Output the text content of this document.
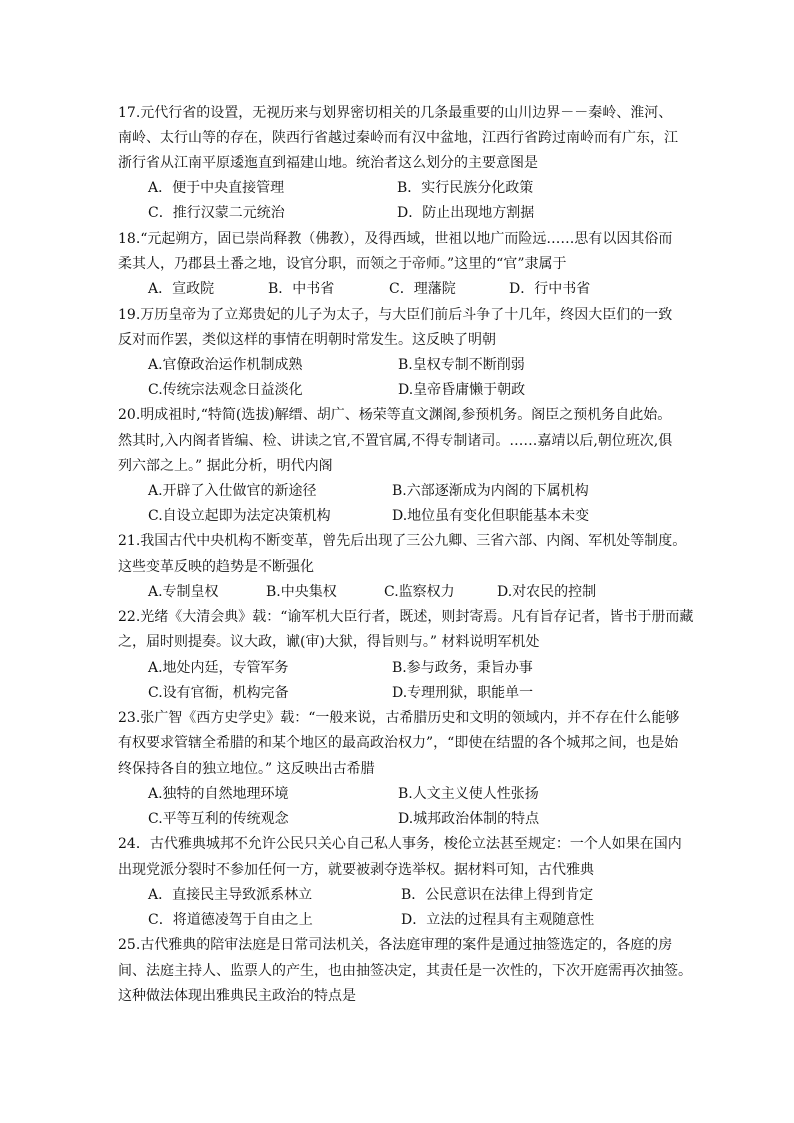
17.元代行省的设置，无视历来与划界密切相关的几条最重要的山川边界－－秦岭、淮河、
南岭、太行山等的存在，陕西行省越过秦岭而有汉中盆地，江西行省跨过南岭而有广东，江
浙行省从江南平原逶迤直到福建山地。统治者这么划分的主要意图是
A．便于中央直接管理	B．实行民族分化政策
C．推行汉蒙二元统治	D．防止出现地方割据
18.“元起朔方，固已崇尚释教（佛教），及得西域，世祖以地广而险远……思有以因其俗而
柔其人，乃郡县土番之地，设官分职，而领之于帝师。”这里的“官”隶属于
A．宣政院	B．中书省	C．理藩院	D．行中书省
19.万历皇帝为了立郑贵妃的儿子为太子，与大臣们前后斗争了十几年，终因大臣们的一致
反对而作罢，类似这样的事情在明朝时常发生。这反映了明朝
A.官僚政治运作机制成熟	B.皇权专制不断削弱
C.传统宗法观念日益淡化	D.皇帝昏庸懒于朝政
20.明成祖时,“特简(选拔)解缙、胡广、杨荣等直文渊阁,参预机务。阁臣之预机务自此始。
然其时,入内阁者皆编、检、讲读之官,不置官属,不得专制诸司。……嘉靖以后,朝位班次,俱
列六部之上。” 据此分析，明代内阁
A.开辟了入仕做官的新途径	B.六部逐渐成为内阁的下属机构
C.自设立起即为法定决策机构	D.地位虽有变化但职能基本未变
21.我国古代中央机构不断变革，曾先后出现了三公九卿、三省六部、内阁、军机处等制度。
这些变革反映的趋势是不断强化
A.专制皇权	B.中央集权	C.监察权力	D.对农民的控制
22.光绪《大清会典》载：“谕军机大臣行者，既述，则封寄焉。凡有旨存记者，皆书于册而藏
之，届时则提奏。议大政，谳(审)大狱，得旨则与。” 材料说明军机处
A.地处内廷，专管军务	B.参与政务，秉旨办事
C.设有官衙，机构完备	D.专理刑狱，职能单一
23.张广智《西方史学史》载：“一般来说，古希腊历史和文明的领域内，并不存在什么能够
有权要求管辖全希腊的和某个地区的最高政治权力”，“即使在结盟的各个城邦之间，也是始
终保持各自的独立地位。” 这反映出古希腊
A.独特的自然地理环境	B.人文主义使人性张扬
C.平等互利的传统观念	D.城邦政治体制的特点
24．古代雅典城邦不允许公民只关心自己私人事务，梭伦立法甚至规定：一个人如果在国内
出现党派分裂时不参加任何一方，就要被剥夺选举权。据材料可知，古代雅典
A．直接民主导致派系林立	B．公民意识在法律上得到肯定
C．将道德凌驾于自由之上	D．立法的过程具有主观随意性
25.古代雅典的陪审法庭是日常司法机关，各法庭审理的案件是通过抽签选定的，各庭的房
间、法庭主持人、监票人的产生，也由抽签决定，其责任是一次性的，下次开庭需再次抽签。
这种做法体现出雅典民主政治的特点是
